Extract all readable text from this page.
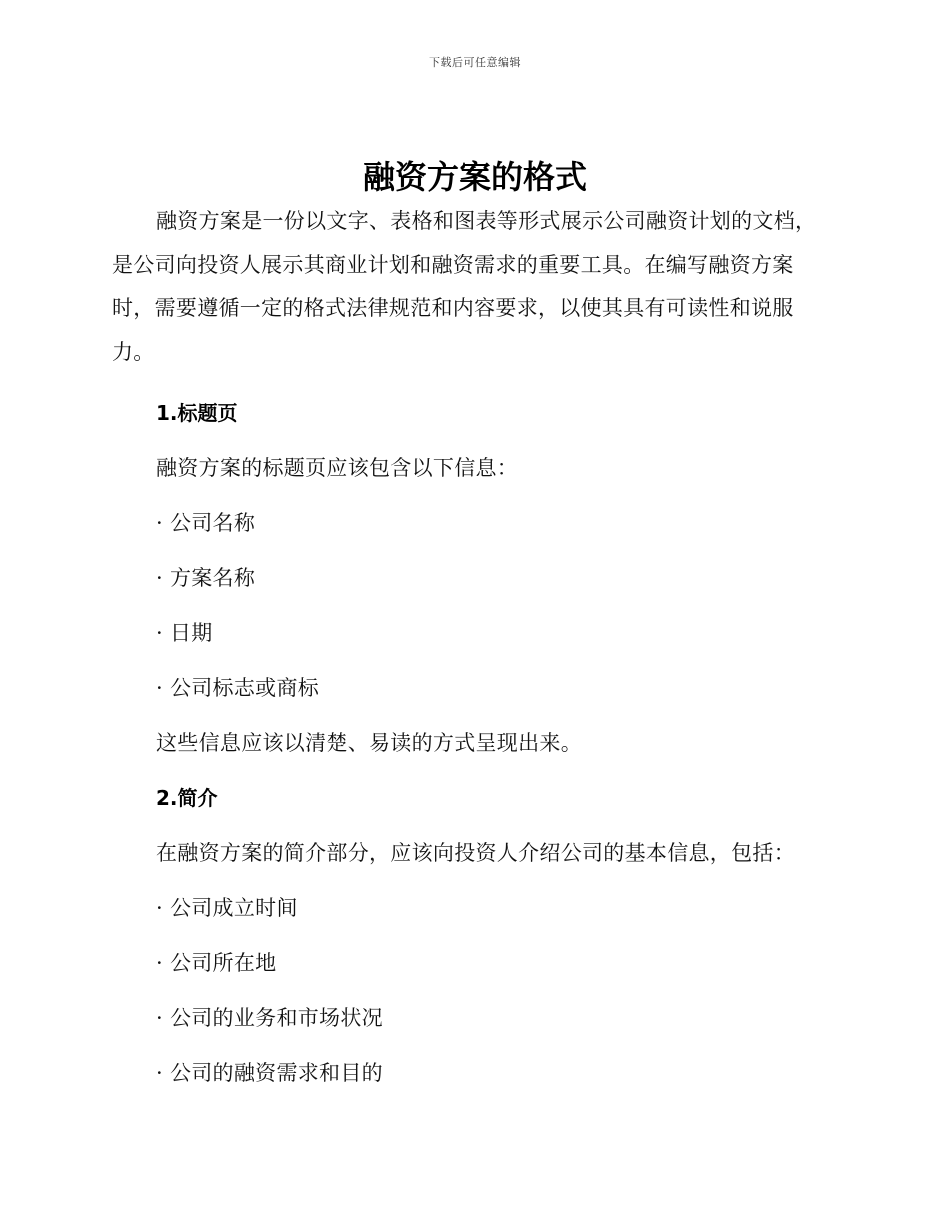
下载后可任意编辑
融资方案的格式

融资方案是一份以文字、表格和图表等形式展示公司融资计划的文档，是公司向投资人展示其商业计划和融资需求的重要工具。在编写融资方案时，需要遵循一定的格式法律规范和内容要求，以使其具有可读性和说服力。

1.标题页

融资方案的标题页应该包含以下信息：

· 公司名称

· 方案名称

· 日期

· 公司标志或商标

这些信息应该以清楚、易读的方式呈现出来。

2.简介

在融资方案的简介部分，应该向投资人介绍公司的基本信息，包括：

· 公司成立时间

· 公司所在地

· 公司的业务和市场状况

· 公司的融资需求和目的
